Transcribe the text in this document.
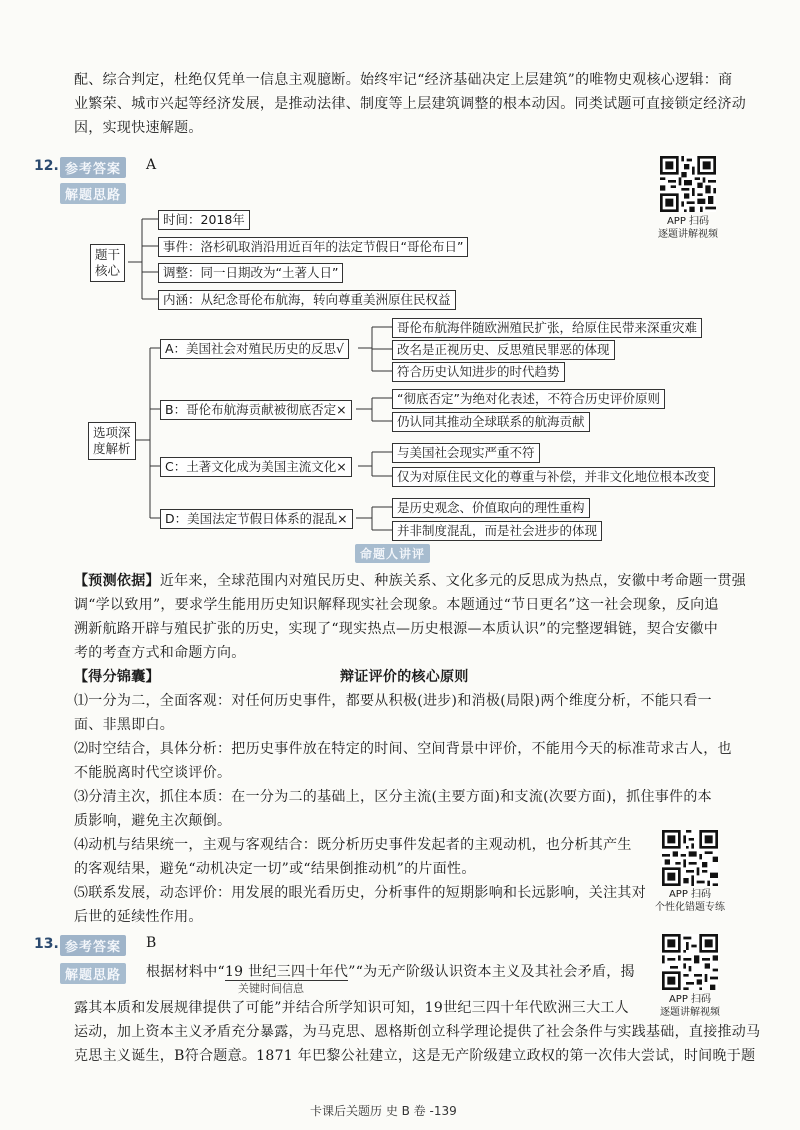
配、综合判定，杜绝仅凭单一信息主观臆断。始终牢记“经济基础决定上层建筑”的唯物史观核心逻辑：商
业繁荣、城市兴起等经济发展，是推动法律、制度等上层建筑调整的根本动因。同类试题可直接锁定经济动
因，实现快速解题。
12. 参考答案	A
解题思路
APP 扫码
逐题讲解视频
题干
核心
时间：2018年
事件：洛杉矶取消沿用近百年的法定节假日“哥伦布日”
调整：同一日期改为“土著人日”
内涵：从纪念哥伦布航海，转向尊重美洲原住民权益
选项深
度解析
A：美国社会对殖民历史的反思√
哥伦布航海伴随欧洲殖民扩张，给原住民带来深重灾难
改名是正视历史、反思殖民罪恶的体现
符合历史认知进步的时代趋势
B：哥伦布航海贡献被彻底否定×
“彻底否定”为绝对化表述，不符合历史评价原则
仍认同其推动全球联系的航海贡献
C：土著文化成为美国主流文化×
与美国社会现实严重不符
仅为对原住民文化的尊重与补偿，并非文化地位根本改变
D：美国法定节假日体系的混乱×
是历史观念、价值取向的理性重构
并非制度混乱，而是社会进步的体现
命题人讲评
【预测依据】近年来，全球范围内对殖民历史、种族关系、文化多元的反思成为热点，安徽中考命题一贯强
调“学以致用”，要求学生能用历史知识解释现实社会现象。本题通过“节日更名”这一社会现象，反向追
溯新航路开辟与殖民扩张的历史，实现了“现实热点—历史根源—本质认识”的完整逻辑链，契合安徽中
考的考查方式和命题方向。
【得分锦囊】	辩证评价的核心原则
⑴一分为二，全面客观：对任何历史事件，都要从积极(进步)和消极(局限)两个维度分析，不能只看一
面、非黑即白。
⑵时空结合，具体分析：把历史事件放在特定的时间、空间背景中评价，不能用今天的标准苛求古人，也
不能脱离时代空谈评价。
⑶分清主次，抓住本质：在一分为二的基础上，区分主流(主要方面)和支流(次要方面)，抓住事件的本
质影响，避免主次颠倒。
⑷动机与结果统一，主观与客观结合：既分析历史事件发起者的主观动机，也分析其产生
的客观结果，避免“动机决定一切”或“结果倒推动机”的片面性。
⑸联系发展，动态评价：用发展的眼光看历史，分析事件的短期影响和长远影响，关注其对
后世的延续性作用。
APP 扫码
个性化错题专练
13. 参考答案	B
解题思路	根据材料中“19 世纪三四十年代”“为无产阶级认识资本主义及其社会矛盾，揭
关键时间信息
露其本质和发展规律提供了可能”并结合所学知识可知，19世纪三四十年代欧洲三大工人
运动，加上资本主义矛盾充分暴露，为马克思、恩格斯创立科学理论提供了社会条件与实践基础，直接推动马
克思主义诞生，B符合题意。1871 年巴黎公社建立，这是无产阶级建立政权的第一次伟大尝试，时间晚于题
APP 扫码
逐题讲解视频
卡课后关题历 史 B 卷 -139
